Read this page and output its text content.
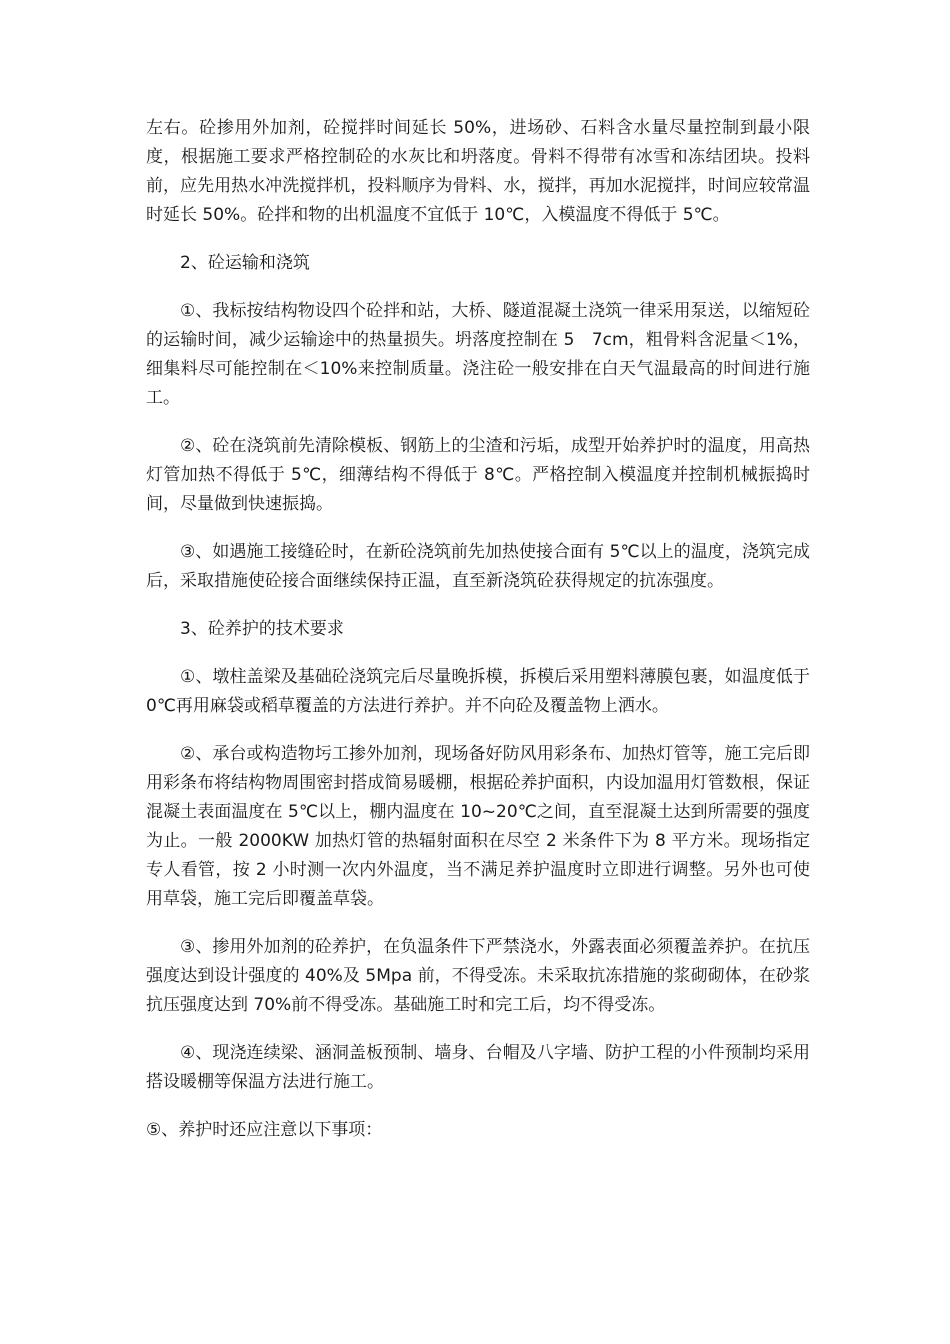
左右。砼掺用外加剂，砼搅拌时间延长 50%，进场砂、石料含水量尽量控制到最小限度，根据施工要求严格控制砼的水灰比和坍落度。骨料不得带有冰雪和冻结团块。投料前，应先用热水冲洗搅拌机，投料顺序为骨料、水，搅拌，再加水泥搅拌，时间应较常温时延长 50%。砼拌和物的出机温度不宜低于 10℃，入模温度不得低于 5℃。

2、砼运输和浇筑

①、我标按结构物设四个砼拌和站，大桥、隧道混凝土浇筑一律采用泵送，以缩短砼的运输时间，减少运输途中的热量损失。坍落度控制在 5　7cm，粗骨料含泥量＜1%，细集料尽可能控制在＜10%来控制质量。浇注砼一般安排在白天气温最高的时间进行施工。

②、砼在浇筑前先清除模板、钢筋上的尘渣和污垢，成型开始养护时的温度，用高热灯管加热不得低于 5℃，细薄结构不得低于 8℃。严格控制入模温度并控制机械振捣时间，尽量做到快速振捣。

③、如遇施工接缝砼时，在新砼浇筑前先加热使接合面有 5℃以上的温度，浇筑完成后，采取措施使砼接合面继续保持正温，直至新浇筑砼获得规定的抗冻强度。

3、砼养护的技术要求

①、墩柱盖梁及基础砼浇筑完后尽量晚拆模，拆模后采用塑料薄膜包裹，如温度低于 0℃再用麻袋或稻草覆盖的方法进行养护。并不向砼及覆盖物上洒水。

②、承台或构造物圬工掺外加剂，现场备好防风用彩条布、加热灯管等，施工完后即用彩条布将结构物周围密封搭成简易暖棚，根据砼养护面积，内设加温用灯管数根，保证混凝土表面温度在 5℃以上，棚内温度在 10~20℃之间，直至混凝土达到所需要的强度为止。一般 2000KW 加热灯管的热辐射面积在尽空 2 米条件下为 8 平方米。现场指定专人看管，按 2 小时测一次内外温度，当不满足养护温度时立即进行调整。另外也可使用草袋，施工完后即覆盖草袋。

③、掺用外加剂的砼养护，在负温条件下严禁浇水，外露表面必须覆盖养护。在抗压强度达到设计强度的 40%及 5Mpa 前，不得受冻。未采取抗冻措施的浆砌砌体，在砂浆抗压强度达到 70%前不得受冻。基础施工时和完工后，均不得受冻。

④、现浇连续梁、涵洞盖板预制、墙身、台帽及八字墙、防护工程的小件预制均采用搭设暖棚等保温方法进行施工。

⑤、养护时还应注意以下事项：
